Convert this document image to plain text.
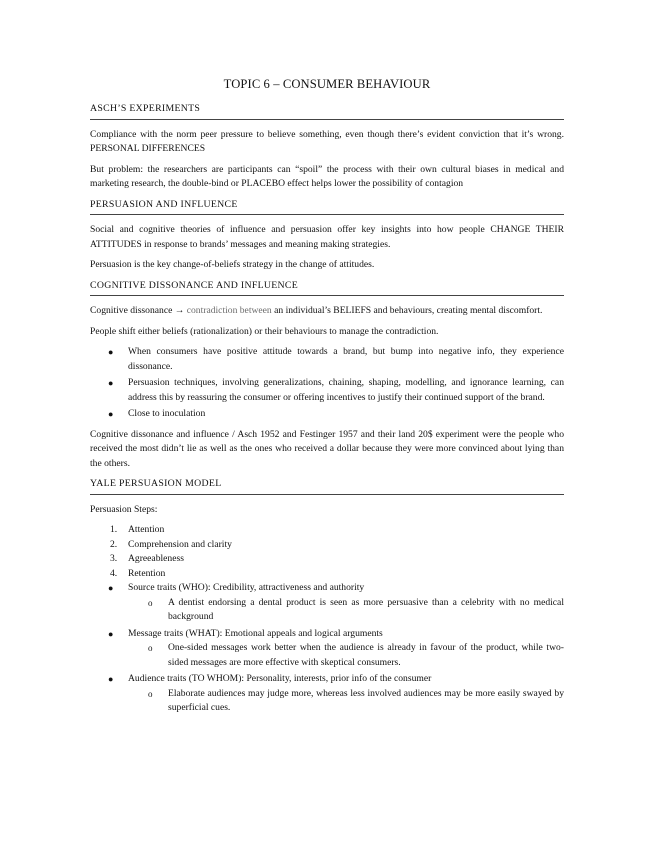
TOPIC 6 – CONSUMER BEHAVIOUR
ASCH’S EXPERIMENTS

Compliance with the norm peer pressure to believe something, even though there’s evident conviction that it’s wrong. PERSONAL DIFFERENCES

But problem: the researchers are participants can “spoil” the process with their own cultural biases in medical and marketing research, the double-bind or PLACEBO effect helps lower the possibility of contagion

PERSUASION AND INFLUENCE

Social and cognitive theories of influence and persuasion offer key insights into how people CHANGE THEIR ATTITUDES in response to brands’ messages and meaning making strategies.

Persuasion is the key change-of-beliefs strategy in the change of attitudes.

COGNITIVE DISSONANCE AND INFLUENCE

Cognitive dissonance → contradiction between an individual’s BELIEFS and behaviours, creating mental discomfort.

People shift either beliefs (rationalization) or their behaviours to manage the contradiction.

● When consumers have positive attitude towards a brand, but bump into negative info, they experience dissonance.
● Persuasion techniques, involving generalizations, chaining, shaping, modelling, and ignorance learning, can address this by reassuring the consumer or offering incentives to justify their continued support of the brand.
● Close to inoculation

Cognitive dissonance and influence / Asch 1952 and Festinger 1957 and their land 20$ experiment were the people who received the most didn’t lie as well as the ones who received a dollar because they were more convinced about lying than the others.

YALE PERSUASION MODEL

Persuasion Steps:

1. Attention
2. Comprehension and clarity
3. Agreeableness
4. Retention
● Source traits (WHO): Credibility, attractiveness and authority
o A dentist endorsing a dental product is seen as more persuasive than a celebrity with no medical background
● Message traits (WHAT): Emotional appeals and logical arguments
o One-sided messages work better when the audience is already in favour of the product, while two-sided messages are more effective with skeptical consumers.
● Audience traits (TO WHOM): Personality, interests, prior info of the consumer
o Elaborate audiences may judge more, whereas less involved audiences may be more easily swayed by superficial cues.
